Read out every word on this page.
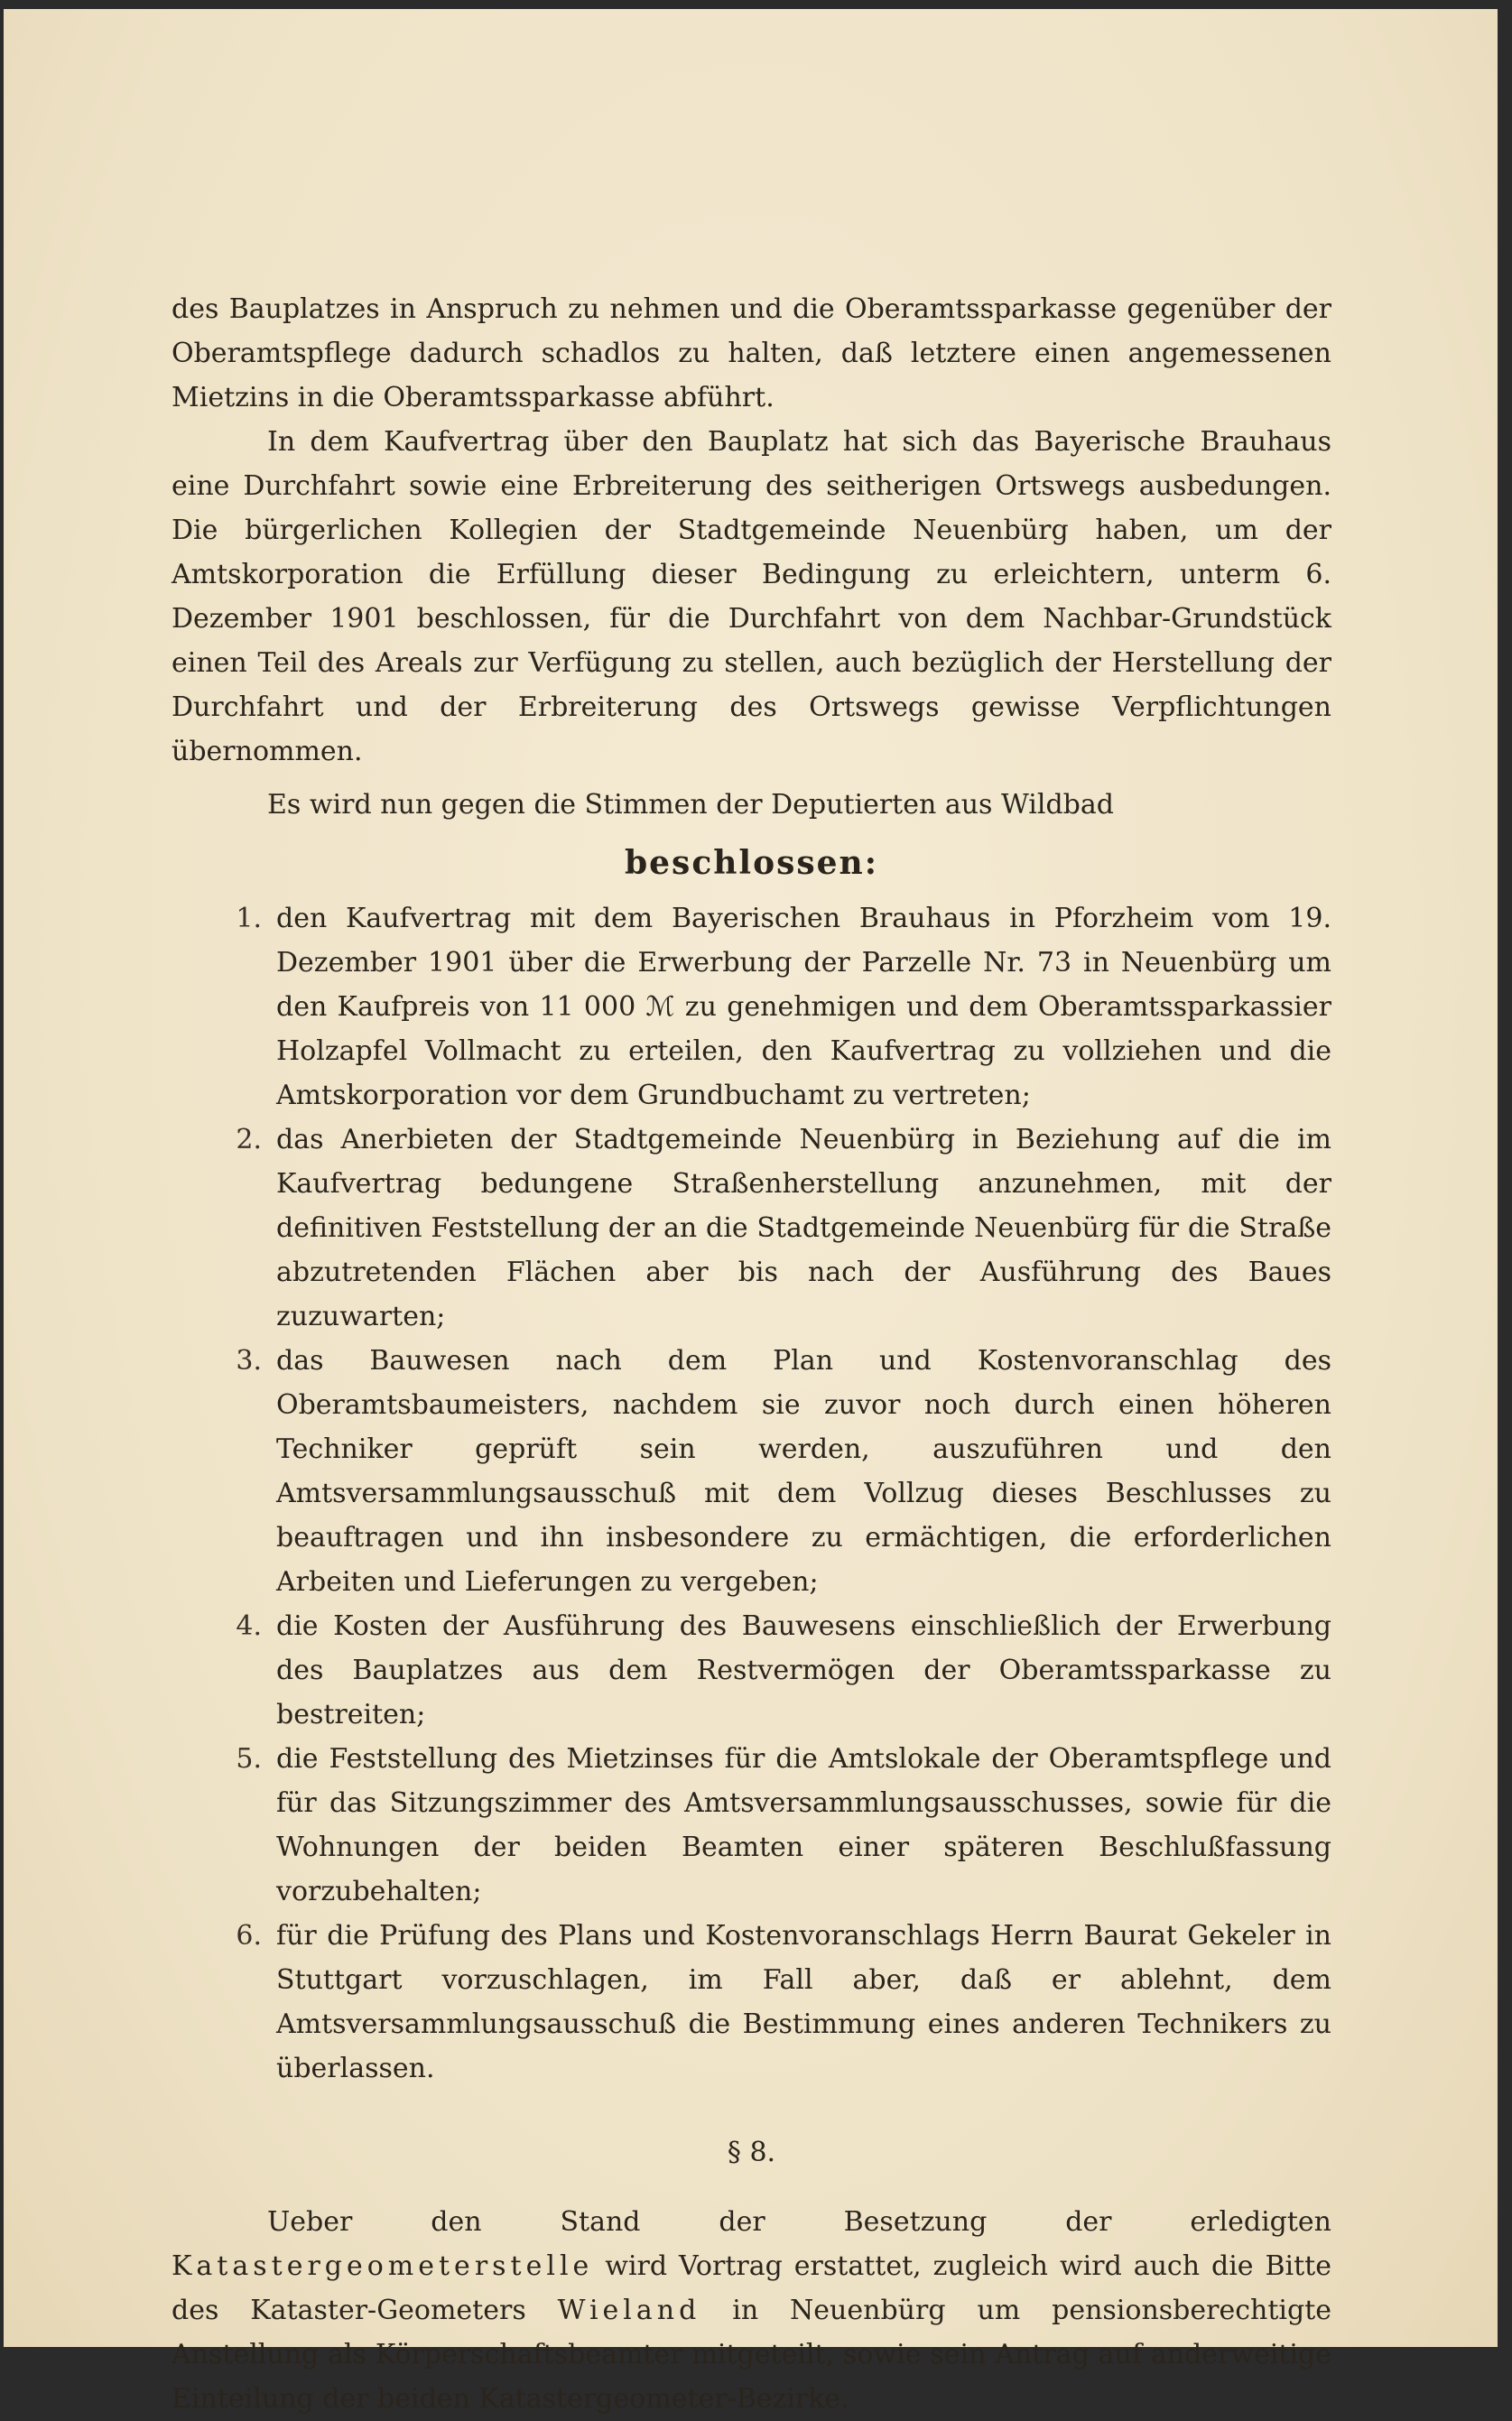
des Bauplatzes in Anspruch zu nehmen und die Oberamtssparkasse gegenüber der Oberamtspflege dadurch schadlos zu halten, daß letztere einen angemessenen Mietzins in die Oberamtssparkasse abführt.

In dem Kaufvertrag über den Bauplatz hat sich das Bayerische Brauhaus eine Durchfahrt sowie eine Erbreiterung des seitherigen Ortswegs ausbedungen. Die bürgerlichen Kollegien der Stadtgemeinde Neuenbürg haben, um der Amtskorporation die Erfüllung dieser Bedingung zu erleichtern, unterm 6. Dezember 1901 beschlossen, für die Durchfahrt von dem Nachbar-Grundstück einen Teil des Areals zur Verfügung zu stellen, auch bezüglich der Herstellung der Durchfahrt und der Erbreiterung des Ortswegs gewisse Verpflichtungen übernommen.

Es wird nun gegen die Stimmen der Deputierten aus Wildbad

beschlossen:
1. den Kaufvertrag mit dem Bayerischen Brauhaus in Pforzheim vom 19. Dezember 1901 über die Erwerbung der Parzelle Nr. 73 in Neuenbürg um den Kaufpreis von 11 000 ℳ zu genehmigen und dem Oberamtssparkassier Holzapfel Vollmacht zu erteilen, den Kaufvertrag zu vollziehen und die Amtskorporation vor dem Grundbuchamt zu vertreten;
2. das Anerbieten der Stadtgemeinde Neuenbürg in Beziehung auf die im Kaufvertrag bedungene Straßenherstellung anzunehmen, mit der definitiven Feststellung der an die Stadtgemeinde Neuenbürg für die Straße abzutretenden Flächen aber bis nach der Ausführung des Baues zuzuwarten;
3. das Bauwesen nach dem Plan und Kostenvoranschlag des Oberamtsbaumeisters, nachdem sie zuvor noch durch einen höheren Techniker geprüft sein werden, auszuführen und den Amtsversammlungsausschuß mit dem Vollzug dieses Beschlusses zu beauftragen und ihn insbesondere zu ermächtigen, die erforderlichen Arbeiten und Lieferungen zu vergeben;
4. die Kosten der Ausführung des Bauwesens einschließlich der Erwerbung des Bauplatzes aus dem Restvermögen der Oberamtssparkasse zu bestreiten;
5. die Feststellung des Mietzinses für die Amtslokale der Oberamtspflege und für das Sitzungszimmer des Amtsversammlungsausschusses, sowie für die Wohnungen der beiden Beamten einer späteren Beschlußfassung vorzubehalten;
6. für die Prüfung des Plans und Kostenvoranschlags Herrn Baurat Gekeler in Stuttgart vorzuschlagen, im Fall aber, daß er ablehnt, dem Amtsversammlungsausschuß die Bestimmung eines anderen Technikers zu überlassen.
§ 8.

Ueber den Stand der Besetzung der erledigten Katastergeometerstelle wird Vortrag erstattet, zugleich wird auch die Bitte des Kataster-Geometers Wieland in Neuenbürg um pensionsberechtigte Anstellung als Körperschaftsbeamter mitgeteilt, sowie sein Antrag auf anderweitige Einteilung der beiden Katastergeometer-Bezirke.
